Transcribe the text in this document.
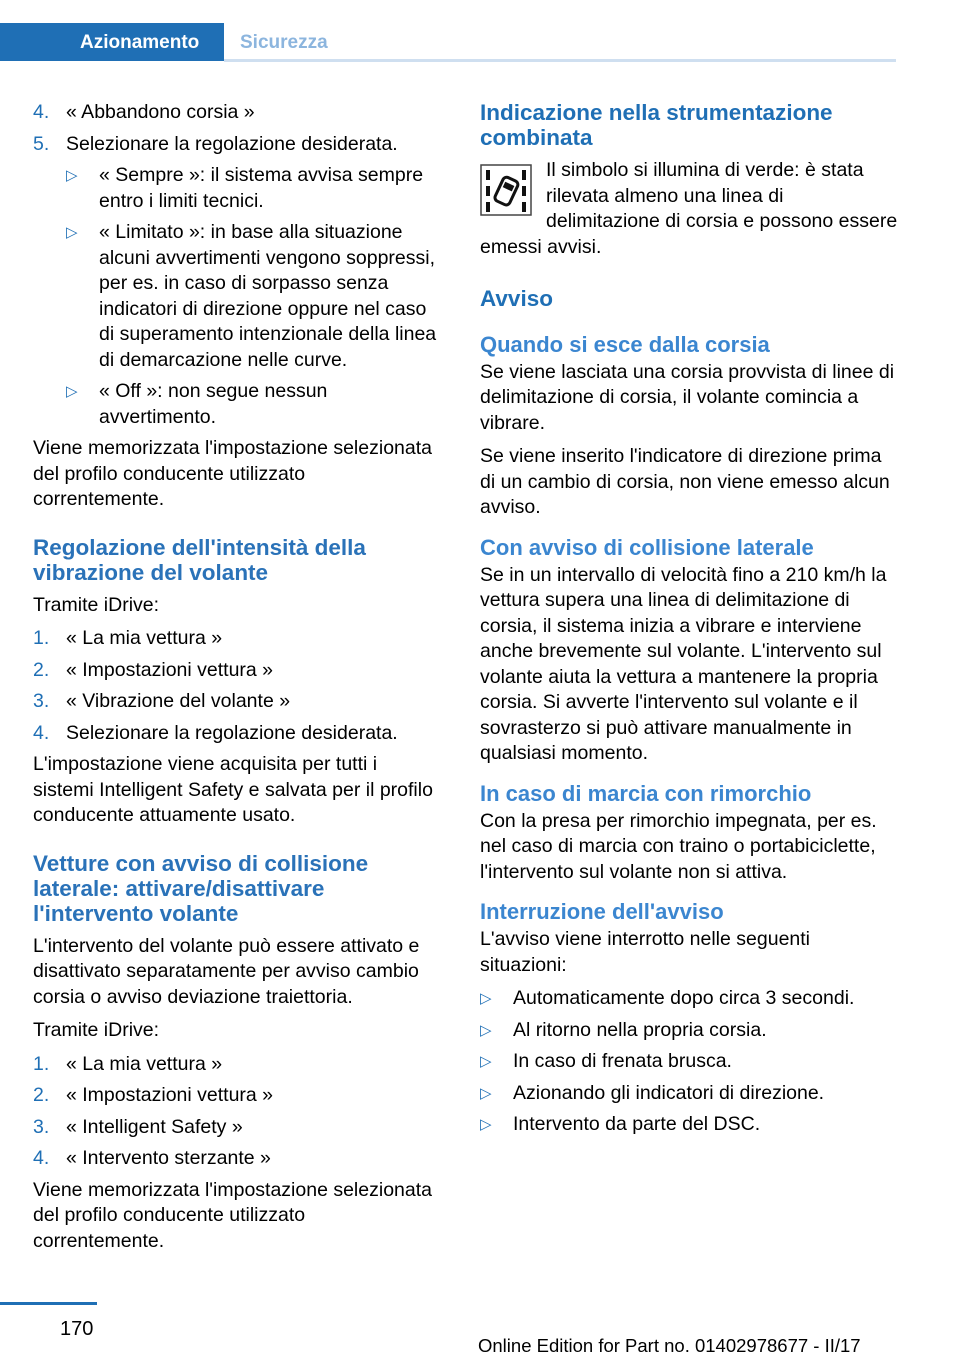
Azionamento Sicurezza
4. « Abbandono corsia »
5. Selezionare la regolazione desiderata.
▷	« Sempre »: il sistema avvisa sempre entro i limiti tecnici.
▷	« Limitato »: in base alla situazione alcuni avvertimenti vengono soppressi, per es. in caso di sorpasso senza indicatori di direzione oppure nel caso di superamento intenzionale della linea di demarcazione nelle curve.
▷	« Off »: non segue nessun avvertimento.

Viene memorizzata l'impostazione selezionata del profilo conducente utilizzato correntemente.

Regolazione dell'intensità della vibrazione del volante

Tramite iDrive:

1. « La mia vettura »
2. « Impostazioni vettura »
3. « Vibrazione del volante »
4. Selezionare la regolazione desiderata.

L'impostazione viene acquisita per tutti i sistemi Intelligent Safety e salvata per il profilo conducente attuamente usato.

Vetture con avviso di collisione laterale: attivare/disattivare l'intervento volante

L'intervento del volante può essere attivato e disattivato separatamente per avviso cambio corsia o avviso deviazione traiettoria.

Tramite iDrive:

1. « La mia vettura »
2. « Impostazioni vettura »
3. « Intelligent Safety »
4. « Intervento sterzante »

Viene memorizzata l'impostazione selezionata del profilo conducente utilizzato correntemente.

Indicazione nella strumentazione combinata

Il simbolo si illumina di verde: è stata rilevata almeno una linea di delimitazione di corsia e possono essere emessi avvisi.

Avviso
Quando si esce dalla corsia

Se viene lasciata una corsia provvista di linee di delimitazione di corsia, il volante comincia a vibrare.

Se viene inserito l'indicatore di direzione prima di un cambio di corsia, non viene emesso alcun avviso.

Con avviso di collisione laterale

Se in un intervallo di velocità fino a 210 km/h la vettura supera una linea di delimitazione di corsia, il sistema inizia a vibrare e interviene anche brevemente sul volante. L'intervento sul volante aiuta la vettura a mantenere la propria corsia. Si avverte l'intervento sul volante e il sovrasterzo si può attivare manualmente in qualsiasi momento.

In caso di marcia con rimorchio

Con la presa per rimorchio impegnata, per es. nel caso di marcia con traino o portabiciclette, l'intervento sul volante non si attiva.

Interruzione dell'avviso

L'avviso viene interrotto nelle seguenti situazioni:

▷	Automaticamente dopo circa 3 secondi.
▷	Al ritorno nella propria corsia.
▷	In caso di frenata brusca.
▷	Azionando gli indicatori di direzione.
▷	Intervento da parte del DSC.
170
Online Edition for Part no. 01402978677 - II/17
